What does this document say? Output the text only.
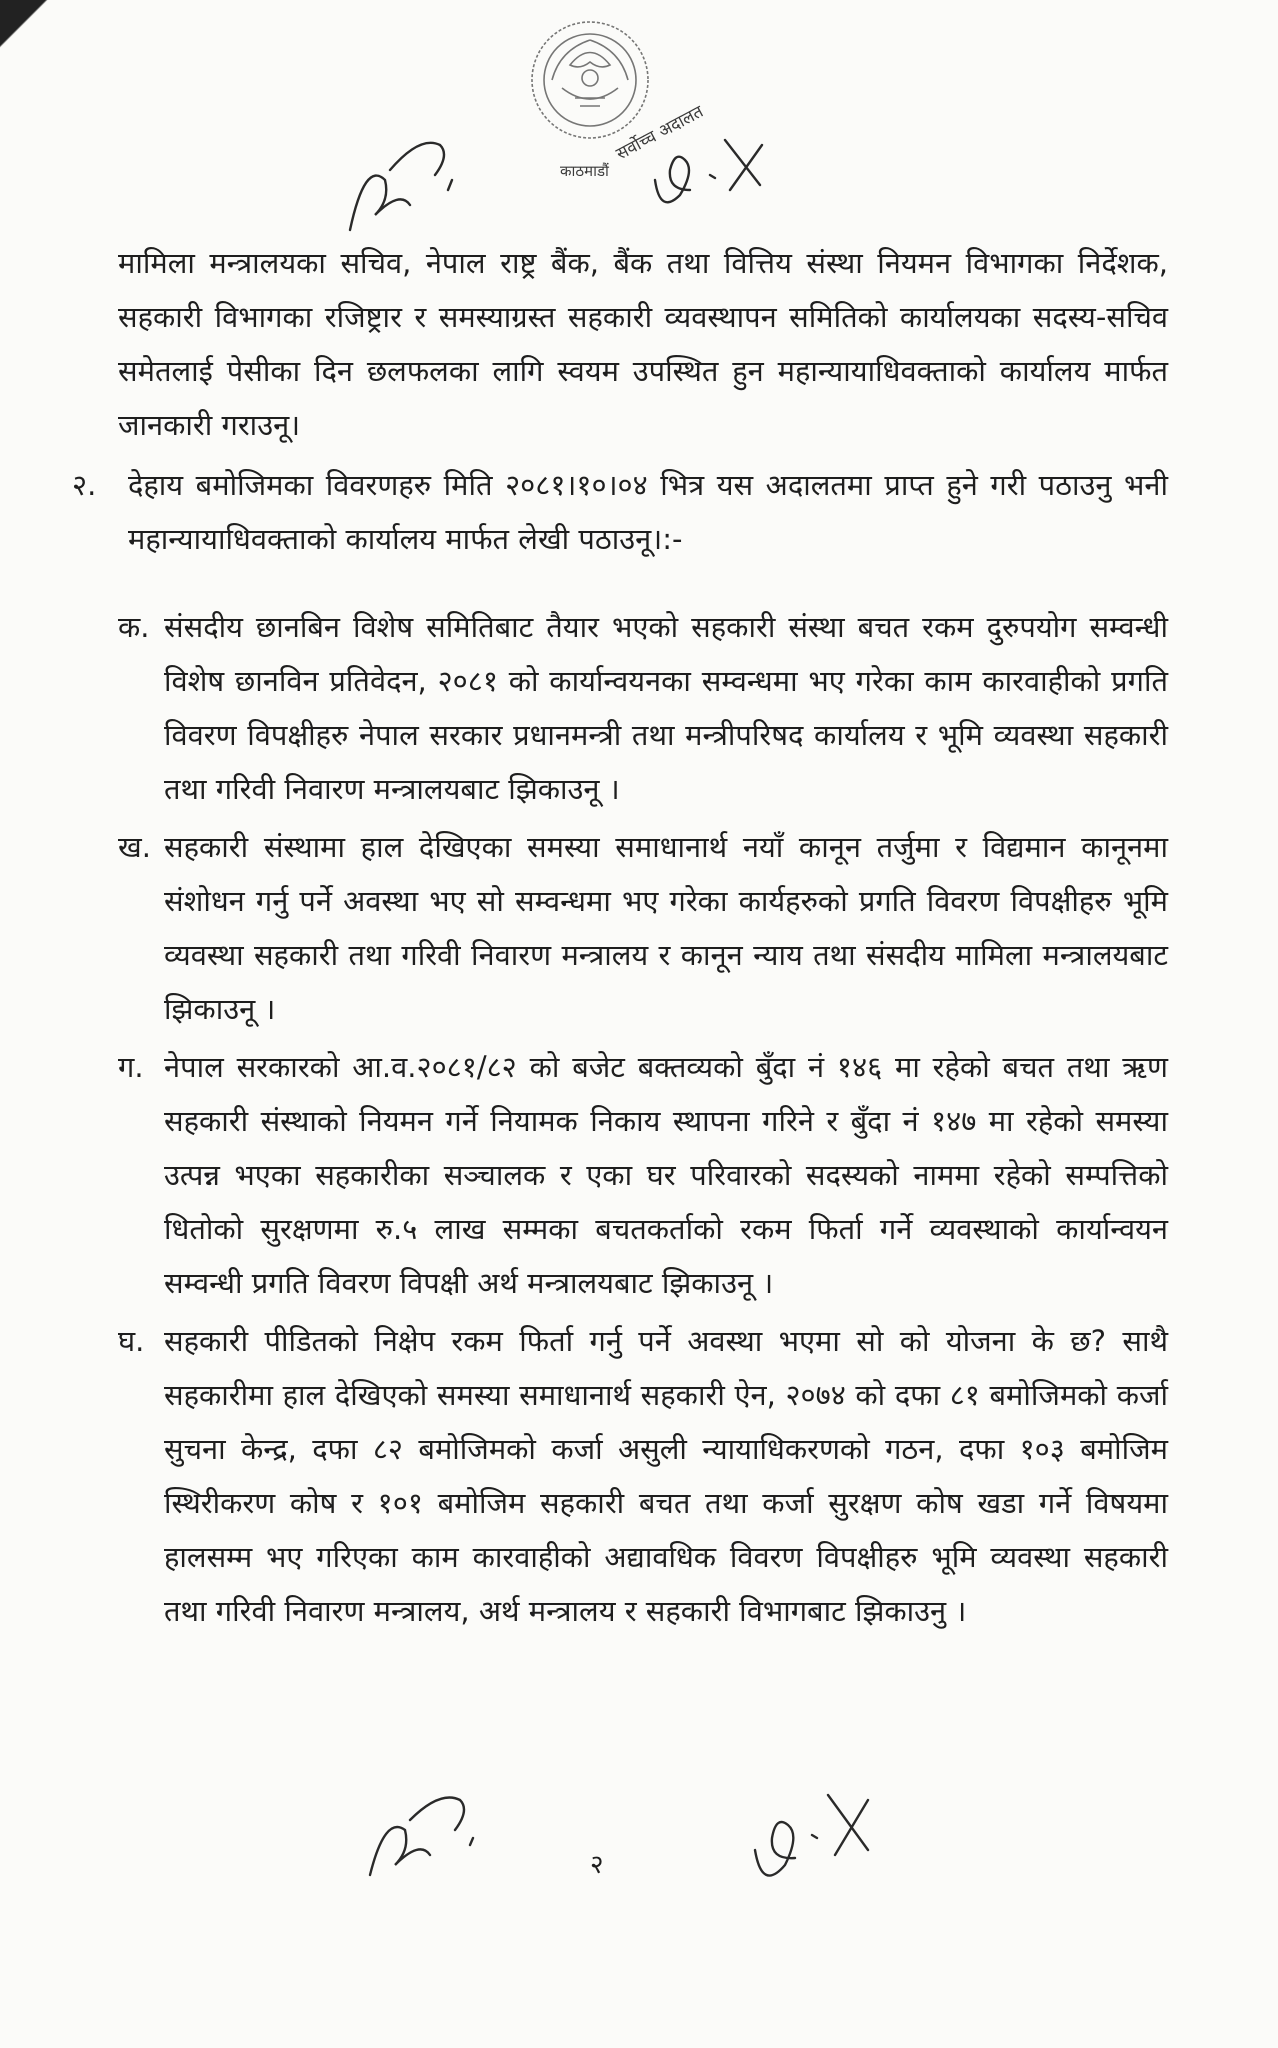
सर्वोच्च अदालत
काठमाडौं

मामिला मन्त्रालयका सचिव, नेपाल राष्ट्र बैंक, बैंक तथा वित्तिय संस्था नियमन विभागका निर्देशक, सहकारी विभागका रजिष्ट्रार र समस्याग्रस्त सहकारी व्यवस्थापन समितिको कार्यालयका सदस्य-सचिव समेतलाई पेसीका दिन छलफलका लागि स्वयम उपस्थित हुन महान्यायाधिवक्ताको कार्यालय मार्फत जानकारी गराउनू।

२.	देहाय बमोजिमका विवरणहरु मिति २०८१।१०।०४ भित्र यस अदालतमा प्राप्त हुने गरी पठाउनु भनी महान्यायाधिवक्ताको कार्यालय मार्फत लेखी पठाउनू।:-
क. संसदीय छानबिन विशेष समितिबाट तैयार भएको सहकारी संस्था बचत रकम दुरुपयोग सम्वन्धी विशेष छानविन प्रतिवेदन, २०८१ को कार्यान्वयनका सम्वन्धमा भए गरेका काम कारवाहीको प्रगति विवरण विपक्षीहरु नेपाल सरकार प्रधानमन्त्री तथा मन्त्रीपरिषद कार्यालय र भूमि व्यवस्था सहकारी तथा गरिवी निवारण मन्त्रालयबाट झिकाउनू ।
ख. सहकारी संस्थामा हाल देखिएका समस्या समाधानार्थ नयाँ कानून तर्जुमा र विद्यमान कानूनमा संशोधन गर्नु पर्ने अवस्था भए सो सम्वन्धमा भए गरेका कार्यहरुको प्रगति विवरण विपक्षीहरु भूमि व्यवस्था सहकारी तथा गरिवी निवारण मन्त्रालय र कानून न्याय तथा संसदीय मामिला मन्त्रालयबाट झिकाउनू ।
ग. नेपाल सरकारको आ.व.२०८१/८२ को बजेट बक्तव्यको बुँदा नं १४६ मा रहेको बचत तथा ऋण सहकारी संस्थाको नियमन गर्ने नियामक निकाय स्थापना गरिने र बुँदा नं १४७ मा रहेको समस्या उत्पन्न भएका सहकारीका सञ्चालक र एका घर परिवारको सदस्यको नाममा रहेको सम्पत्तिको धितोको सुरक्षणमा रु.५ लाख सम्मका बचतकर्ताको रकम फिर्ता गर्ने व्यवस्थाको कार्यान्वयन सम्वन्धी प्रगति विवरण विपक्षी अर्थ मन्त्रालयबाट झिकाउनू ।
घ. सहकारी पीडितको निक्षेप रकम फिर्ता गर्नु पर्ने अवस्था भएमा सो को योजना के छ? साथै सहकारीमा हाल देखिएको समस्या समाधानार्थ सहकारी ऐन, २०७४ को दफा ८१ बमोजिमको कर्जा सुचना केन्द्र, दफा ८२ बमोजिमको कर्जा असुली न्यायाधिकरणको गठन, दफा १०३ बमोजिम स्थिरीकरण कोष र १०१ बमोजिम सहकारी बचत तथा कर्जा सुरक्षण कोष खडा गर्ने विषयमा हालसम्म भए गरिएका काम कारवाहीको अद्यावधिक विवरण विपक्षीहरु भूमि व्यवस्था सहकारी तथा गरिवी निवारण मन्त्रालय, अर्थ मन्त्रालय र सहकारी विभागबाट झिकाउनु ।
२
